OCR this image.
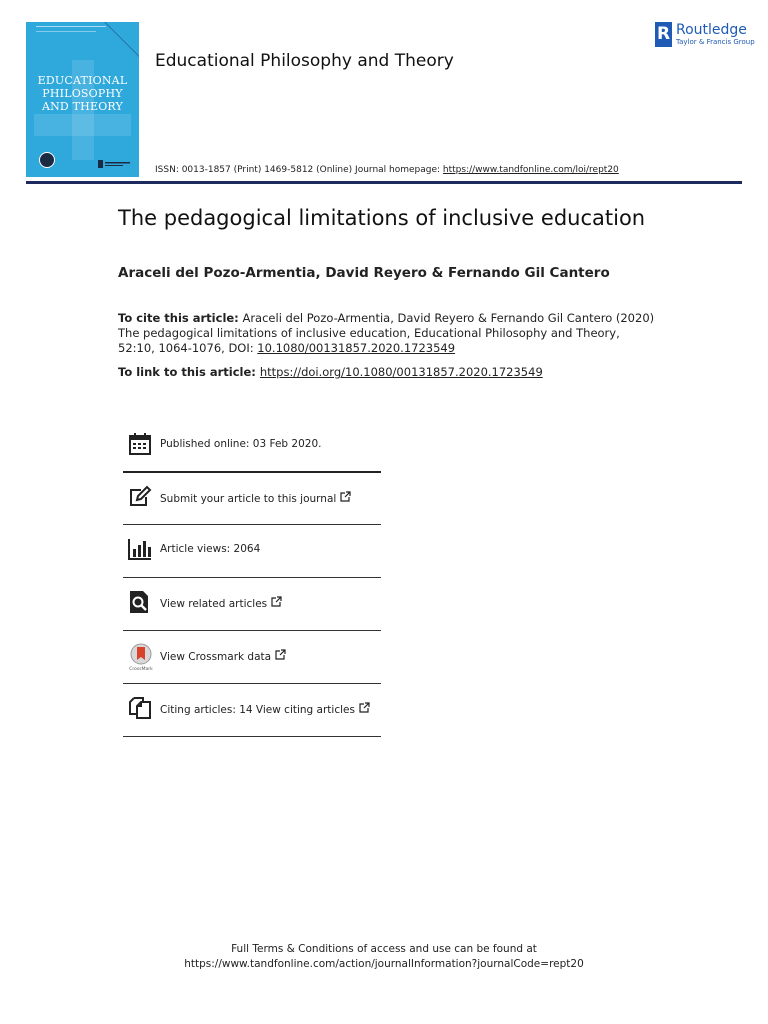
EDUCATIONAL
PHILOSOPHY
AND THEORY
Educational Philosophy and Theory
R Routledge
Taylor & Francis Group
ISSN: 0013-1857 (Print) 1469-5812 (Online) Journal homepage: https://www.tandfonline.com/loi/rept20
The pedagogical limitations of inclusive education
Araceli del Pozo-Armentia, David Reyero & Fernando Gil Cantero
To cite this article: Araceli del Pozo-Armentia, David Reyero & Fernando Gil Cantero (2020) The pedagogical limitations of inclusive education, Educational Philosophy and Theory, 52:10, 1064-1076, DOI: 10.1080/00131857.2020.1723549
To link to this article: https://doi.org/10.1080/00131857.2020.1723549
Published online: 03 Feb 2020.
Submit your article to this journal
Article views: 2064
View related articles
CrossMark
View Crossmark data
Citing articles: 14 View citing articles
Full Terms & Conditions of access and use can be found at
https://www.tandfonline.com/action/journalInformation?journalCode=rept20
